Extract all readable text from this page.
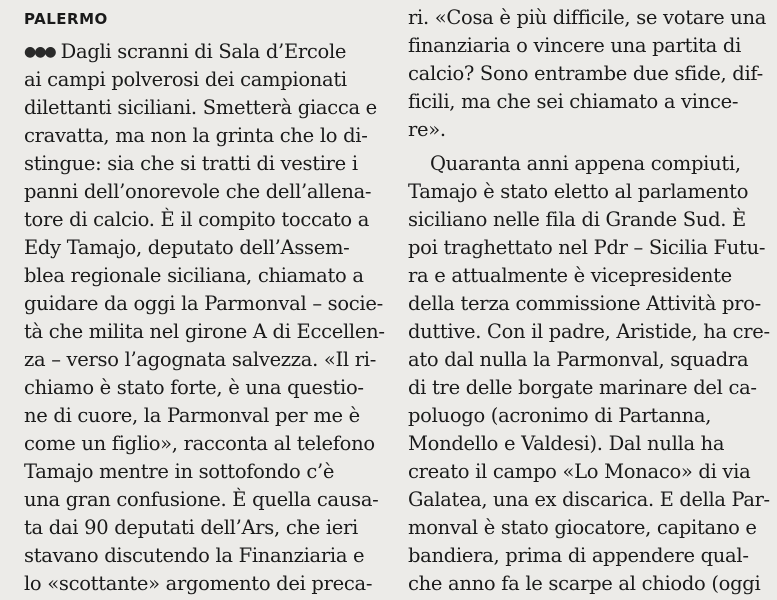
PALERMO
●●● Dagli scranni di Sala d’Ercole
ai campi polverosi dei campionati
dilettanti siciliani. Smetterà giacca e
cravatta, ma non la grinta che lo di-
stingue: sia che si tratti di vestire i
panni dell’onorevole che dell’allena-
tore di calcio. È il compito toccato a
Edy Tamajo, deputato dell’Assem-
blea regionale siciliana, chiamato a
guidare da oggi la Parmonval – socie-
tà che milita nel girone A di Eccellen-
za – verso l’agognata salvezza. «Il ri-
chiamo è stato forte, è una questio-
ne di cuore, la Parmonval per me è
come un figlio», racconta al telefono
Tamajo mentre in sottofondo c’è
una gran confusione. È quella causa-
ta dai 90 deputati dell’Ars, che ieri
stavano discutendo la Finanziaria e
lo «scottante» argomento dei preca-
ri. «Cosa è più difficile, se votare una
finanziaria o vincere una partita di
calcio? Sono entrambe due sfide, dif-
ficili, ma che sei chiamato a vince-
re».
Quaranta anni appena compiuti,
Tamajo è stato eletto al parlamento
siciliano nelle fila di Grande Sud. È
poi traghettato nel Pdr – Sicilia Futu-
ra e attualmente è vicepresidente
della terza commissione Attività pro-
duttive. Con il padre, Aristide, ha cre-
ato dal nulla la Parmonval, squadra
di tre delle borgate marinare del ca-
poluogo (acronimo di Partanna,
Mondello e Valdesi). Dal nulla ha
creato il campo «Lo Monaco» di via
Galatea, una ex discarica. E della Par-
monval è stato giocatore, capitano e
bandiera, prima di appendere qual-
che anno fa le scarpe al chiodo (oggi
